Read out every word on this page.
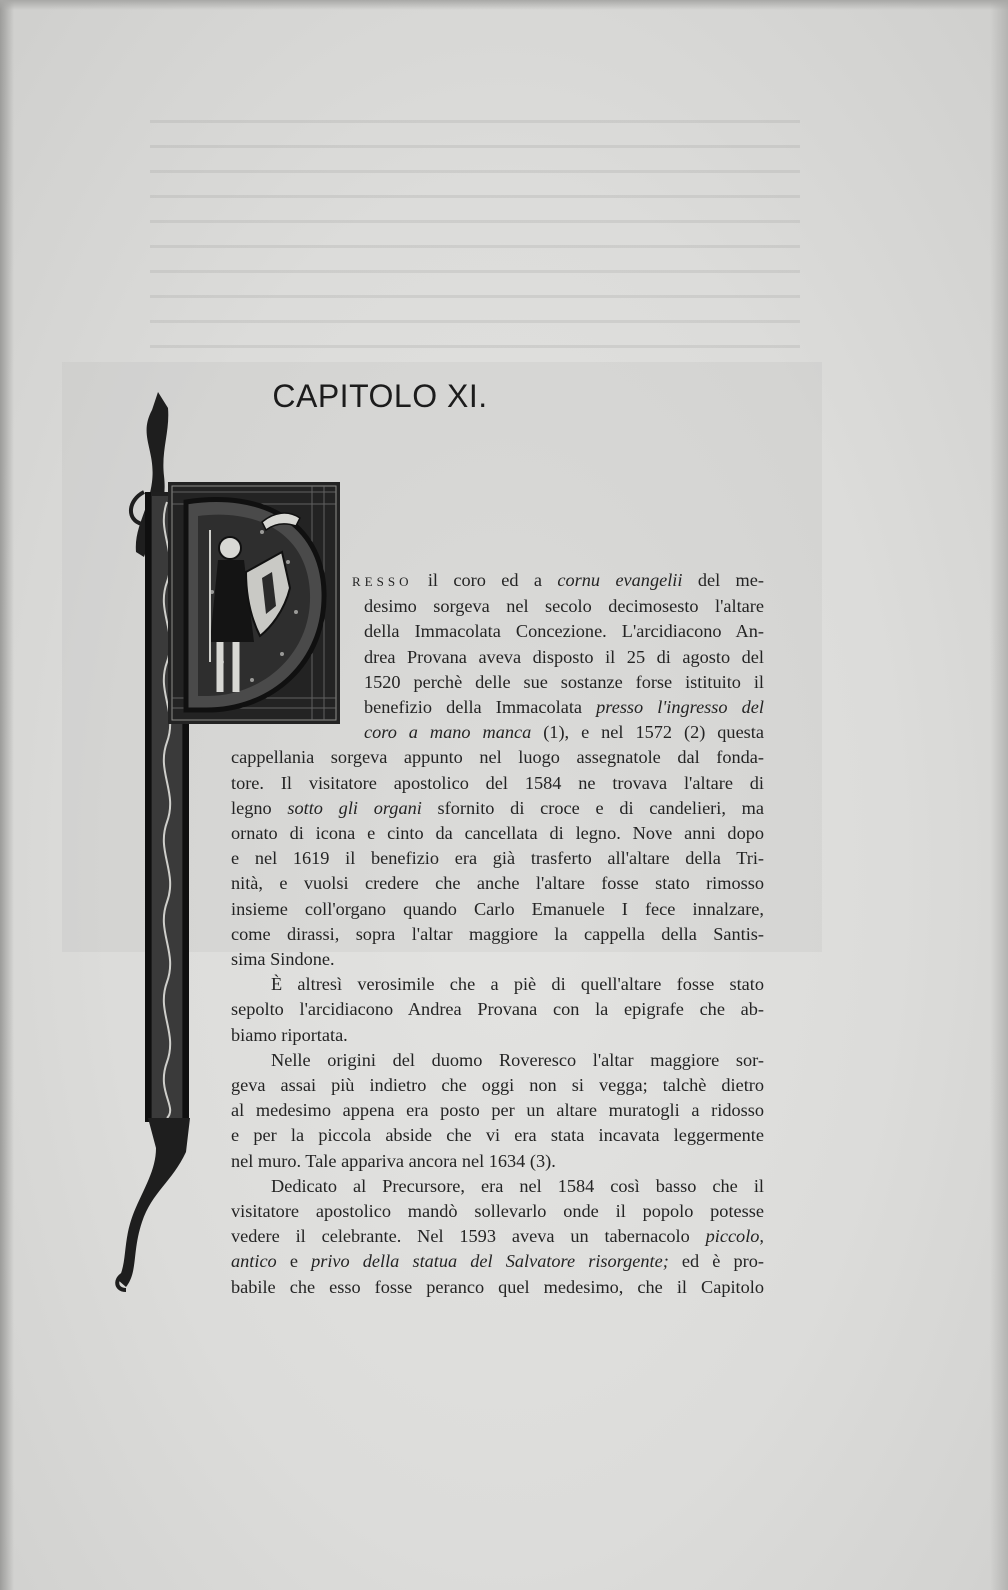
CAPITOLO XI.
RESSO il coro ed a cornu evangelii del me-
desimo sorgeva nel secolo decimosesto l'altare
della Immacolata Concezione. L'arcidiacono An-
drea Provana aveva disposto il 25 di agosto del
1520 perchè delle sue sostanze forse istituito il
benefizio della Immacolata presso l'ingresso del
coro a mano manca (1), e nel 1572 (2) questa
cappellania sorgeva appunto nel luogo assegnatole dal fonda-
tore. Il visitatore apostolico del 1584 ne trovava l'altare di
legno sotto gli organi sfornito di croce e di candelieri, ma
ornato di icona e cinto da cancellata di legno. Nove anni dopo
e nel 1619 il benefizio era già trasferto all'altare della Tri-
nità, e vuolsi credere che anche l'altare fosse stato rimosso
insieme coll'organo quando Carlo Emanuele I fece innalzare,
come dirassi, sopra l'altar maggiore la cappella della Santis-
sima Sindone.
È altresì verosimile che a piè di quell'altare fosse stato
sepolto l'arcidiacono Andrea Provana con la epigrafe che ab-
biamo riportata.
Nelle origini del duomo Roveresco l'altar maggiore sor-
geva assai più indietro che oggi non si vegga; talchè dietro
al medesimo appena era posto per un altare muratogli a ridosso
e per la piccola abside che vi era stata incavata leggermente
nel muro. Tale appariva ancora nel 1634 (3).
Dedicato al Precursore, era nel 1584 così basso che il
visitatore apostolico mandò sollevarlo onde il popolo potesse
vedere il celebrante. Nel 1593 aveva un tabernacolo piccolo,
antico e privo della statua del Salvatore risorgente; ed è pro-
babile che esso fosse peranco quel medesimo, che il Capitolo
